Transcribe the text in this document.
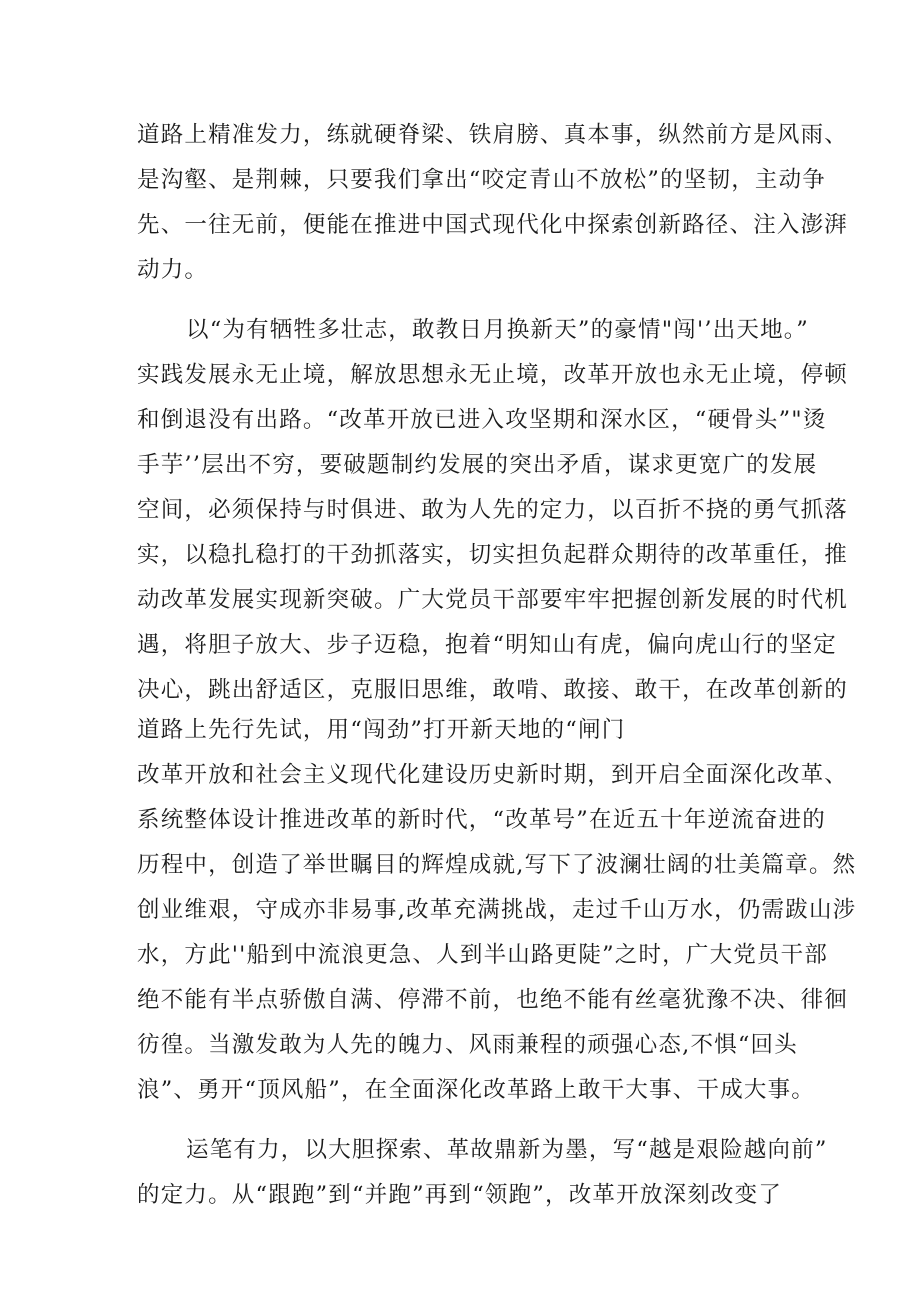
道路上精准发力，练就硬脊梁、铁肩膀、真本事，纵然前方是风雨、
是沟壑、是荆棘，只要我们拿出“咬定青山不放松”的坚韧，主动争
先、一往无前，便能在推进中国式现代化中探索创新路径、注入澎湃
动力。
以“为有牺牲多壮志，敢教日月换新天”的豪情"闯'’出天地。”
实践发展永无止境，解放思想永无止境，改革开放也永无止境，停顿
和倒退没有出路。“改革开放已进入攻坚期和深水区，“硬骨头”"烫
手芋’’层出不穷，要破题制约发展的突出矛盾，谋求更宽广的发展
空间，必须保持与时俱进、敢为人先的定力，以百折不挠的勇气抓落
实，以稳扎稳打的干劲抓落实，切实担负起群众期待的改革重任，推
动改革发展实现新突破。广大党员干部要牢牢把握创新发展的时代机
遇，将胆子放大、步子迈稳，抱着“明知山有虎，偏向虎山行的坚定
决心，跳出舒适区，克服旧思维，敢啃、敢接、敢干，在改革创新的
道路上先行先试，用“闯劲”打开新天地的“闸门
改革开放和社会主义现代化建设历史新时期，到开启全面深化改革、
系统整体设计推进改革的新时代，“改革号”在近五十年逆流奋进的
历程中，创造了举世瞩目的辉煌成就,写下了波澜壮阔的壮美篇章。然
创业维艰，守成亦非易事,改革充满挑战，走过千山万水，仍需跋山涉
水，方此''船到中流浪更急、人到半山路更陡”之时，广大党员干部
绝不能有半点骄傲自满、停滞不前，也绝不能有丝毫犹豫不决、徘徊
彷徨。当激发敢为人先的魄力、风雨兼程的顽强心态,不惧“回头
浪”、勇开“顶风船”，在全面深化改革路上敢干大事、干成大事。
运笔有力，以大胆探索、革故鼎新为墨，写“越是艰险越向前”
的定力。从“跟跑”到“并跑”再到“领跑”，改革开放深刻改变了
